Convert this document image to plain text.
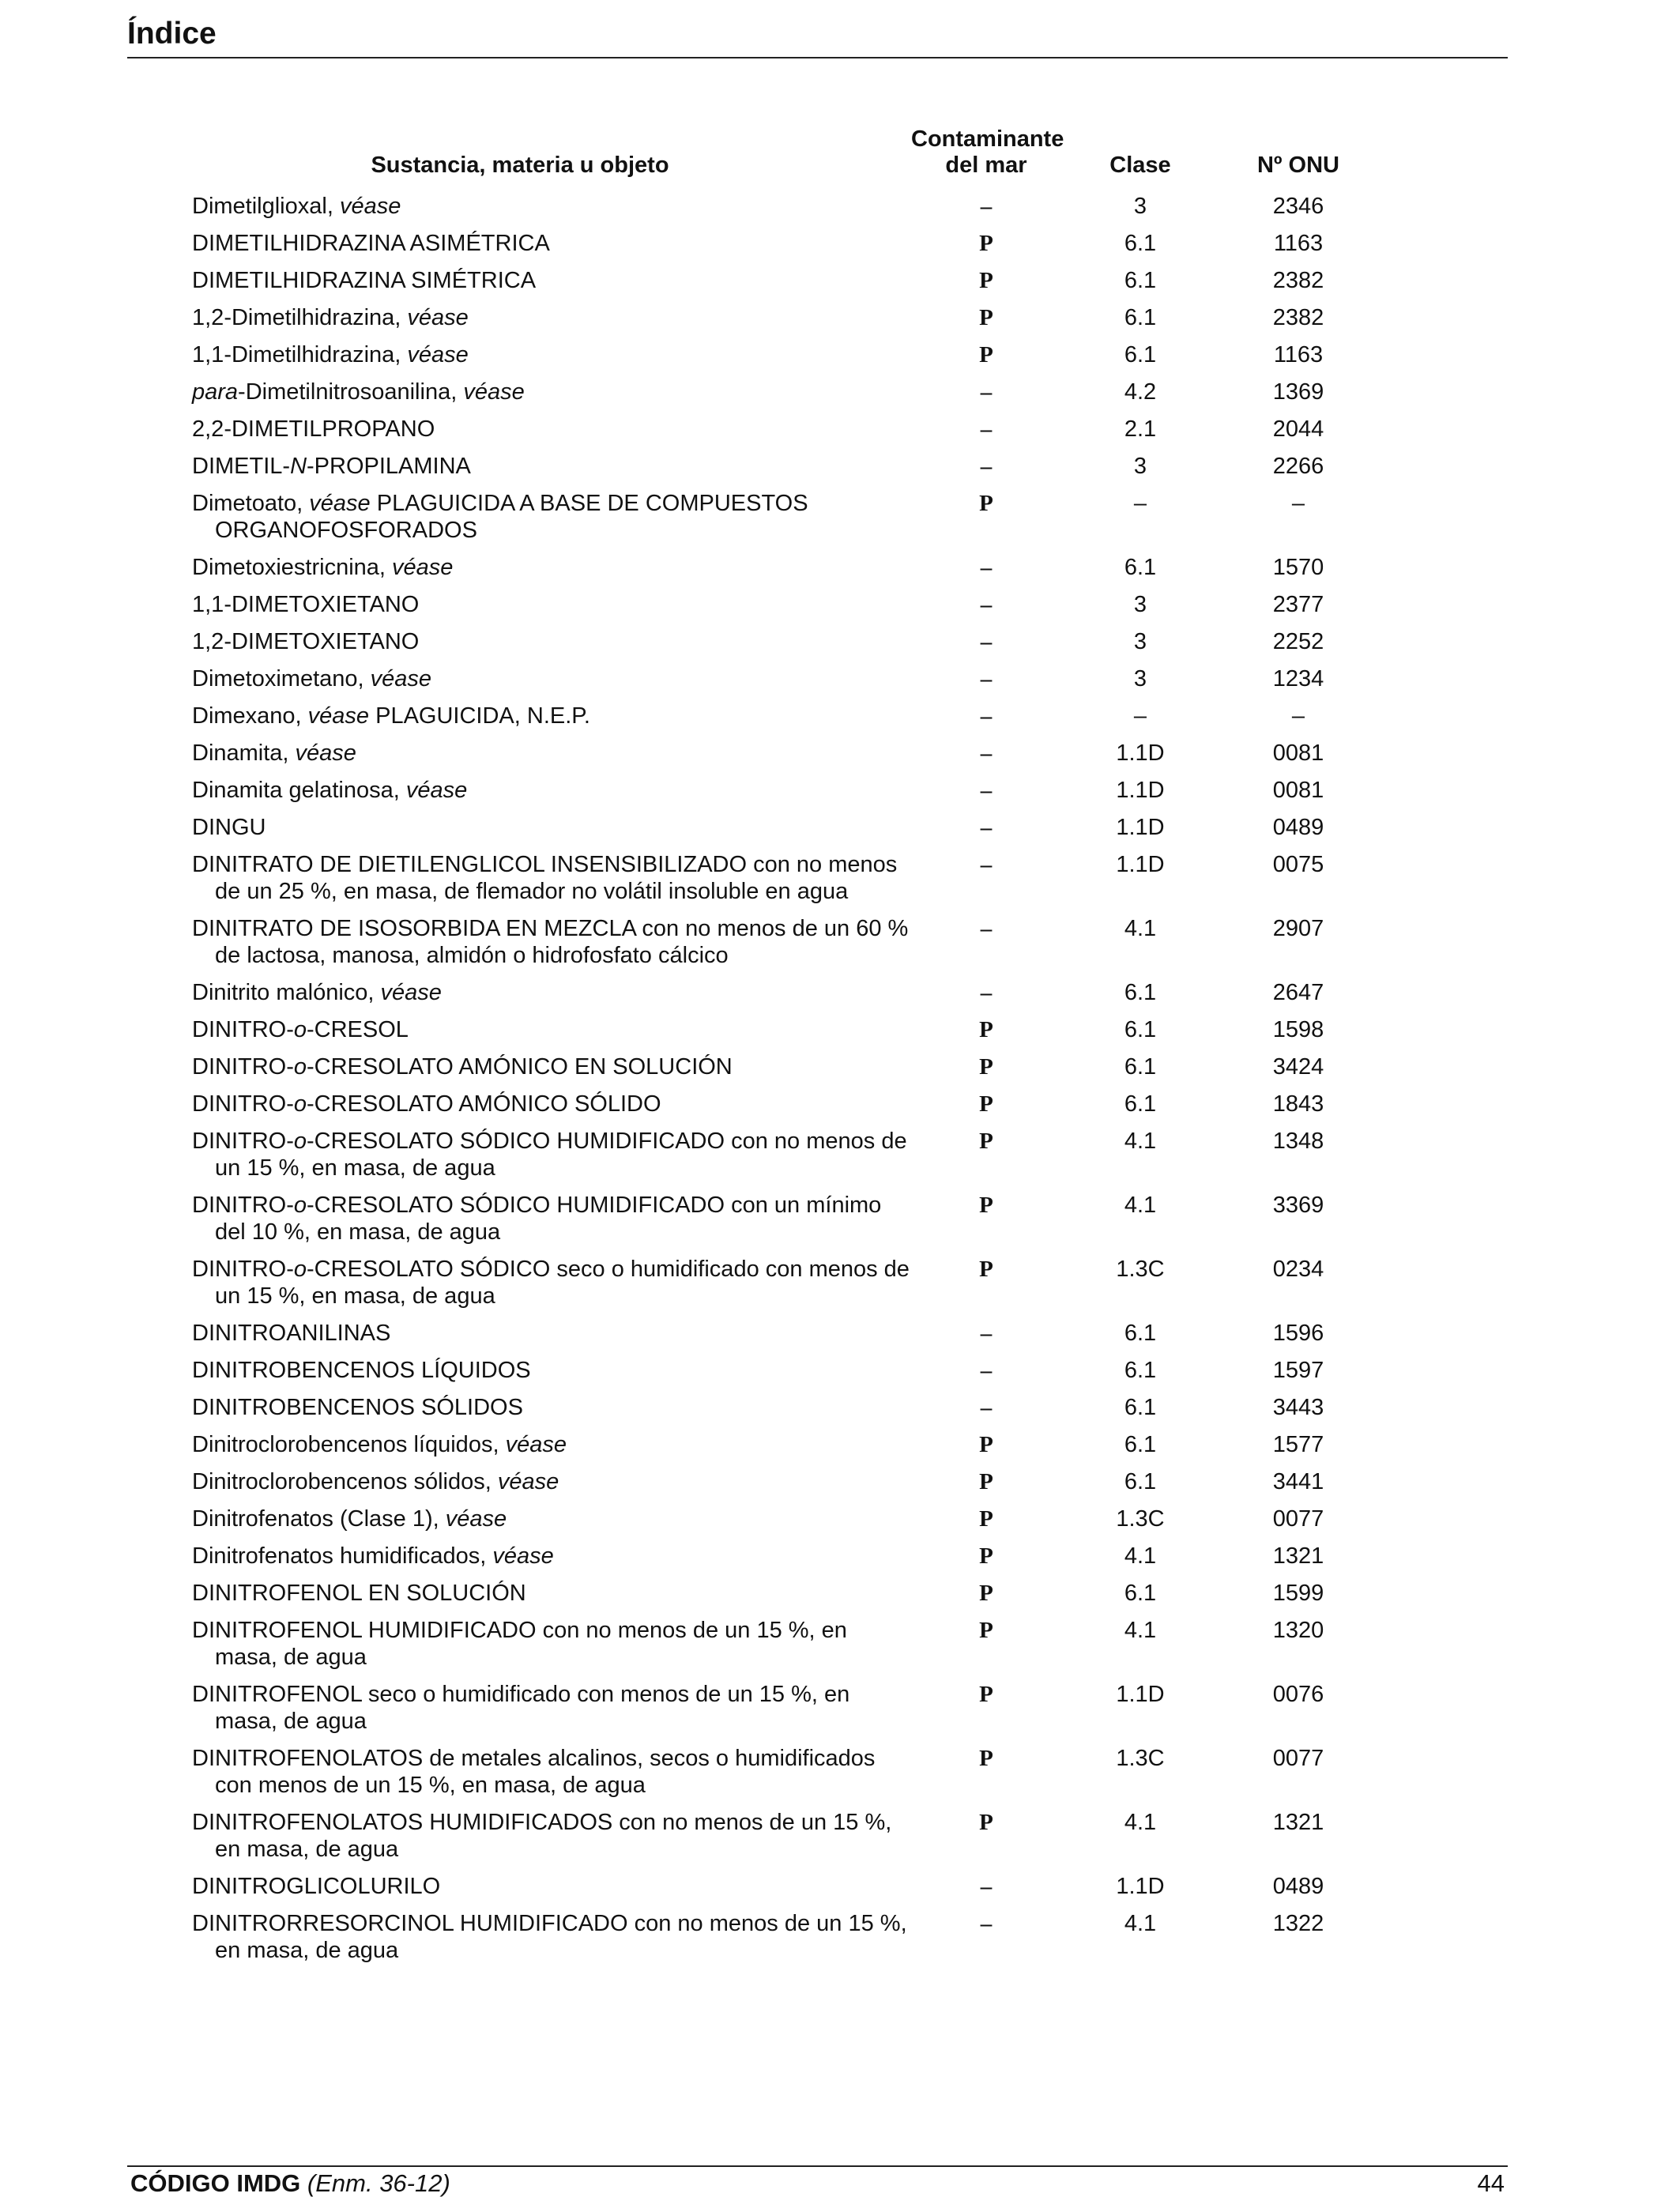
Índice
Sustancia, materia u objeto	Contaminante del mar	Clase	Nº ONU	

Dimetilglioxal, véase	–	3	2346	

DIMETILHIDRAZINA ASIMÉTRICA	P	6.1	1163	

DIMETILHIDRAZINA SIMÉTRICA	P	6.1	2382	

1,2-Dimetilhidrazina, véase	P	6.1	2382	

1,1-Dimetilhidrazina, véase	P	6.1	1163	

para-Dimetilnitrosoanilina, véase	–	4.2	1369	

2,2-DIMETILPROPANO	–	2.1	2044	

DIMETIL-N-PROPILAMINA	–	3	2266	

Dimetoato, véase PLAGUICIDA A BASE DE COMPUESTOS ORGANOFOSFORADOS	P	–	–	

Dimetoxiestricnina, véase	–	6.1	1570	

1,1-DIMETOXIETANO	–	3	2377	

1,2-DIMETOXIETANO	–	3	2252	

Dimetoximetano, véase	–	3	1234	

Dimexano, véase PLAGUICIDA, N.E.P.	–	–	–	

Dinamita, véase	–	1.1D	0081	

Dinamita gelatinosa, véase	–	1.1D	0081	

DINGU	–	1.1D	0489	

DINITRATO DE DIETILENGLICOL INSENSIBILIZADO con no menos de un 25 %, en masa, de flemador no volátil insoluble en agua	–	1.1D	0075	

DINITRATO DE ISOSORBIDA EN MEZCLA con no menos de un 60 % de lactosa, manosa, almidón o hidrofosfato cálcico	–	4.1	2907	

Dinitrito malónico, véase	–	6.1	2647	

DINITRO-o-CRESOL	P	6.1	1598	

DINITRO-o-CRESOLATO AMÓNICO EN SOLUCIÓN	P	6.1	3424	

DINITRO-o-CRESOLATO AMÓNICO SÓLIDO	P	6.1	1843	

DINITRO-o-CRESOLATO SÓDICO HUMIDIFICADO con no menos de un 15 %, en masa, de agua	P	4.1	1348	

DINITRO-o-CRESOLATO SÓDICO HUMIDIFICADO con un mínimo del 10 %, en masa, de agua	P	4.1	3369	

DINITRO-o-CRESOLATO SÓDICO seco o humidificado con menos de un 15 %, en masa, de agua	P	1.3C	0234	

DINITROANILINAS	–	6.1	1596	

DINITROBENCENOS LÍQUIDOS	–	6.1	1597	

DINITROBENCENOS SÓLIDOS	–	6.1	3443	

Dinitroclorobencenos líquidos, véase	P	6.1	1577	

Dinitroclorobencenos sólidos, véase	P	6.1	3441	

Dinitrofenatos (Clase 1), véase	P	1.3C	0077	

Dinitrofenatos humidificados, véase	P	4.1	1321	

DINITROFENOL EN SOLUCIÓN	P	6.1	1599	

DINITROFENOL HUMIDIFICADO con no menos de un 15 %, en masa, de agua	P	4.1	1320	

DINITROFENOL seco o humidificado con menos de un 15 %, en masa, de agua	P	1.1D	0076	

DINITROFENOLATOS de metales alcalinos, secos o humidificados con menos de un 15 %, en masa, de agua	P	1.3C	0077	

DINITROFENOLATOS HUMIDIFICADOS con no menos de un 15 %, en masa, de agua	P	4.1	1321	

DINITROGLICOLURILO	–	1.1D	0489	

DINITRORRESORCINOL HUMIDIFICADO con no menos de un 15 %, en masa, de agua	–	4.1	1322	
CÓDIGO IMDG (Enm. 36-12)	44
